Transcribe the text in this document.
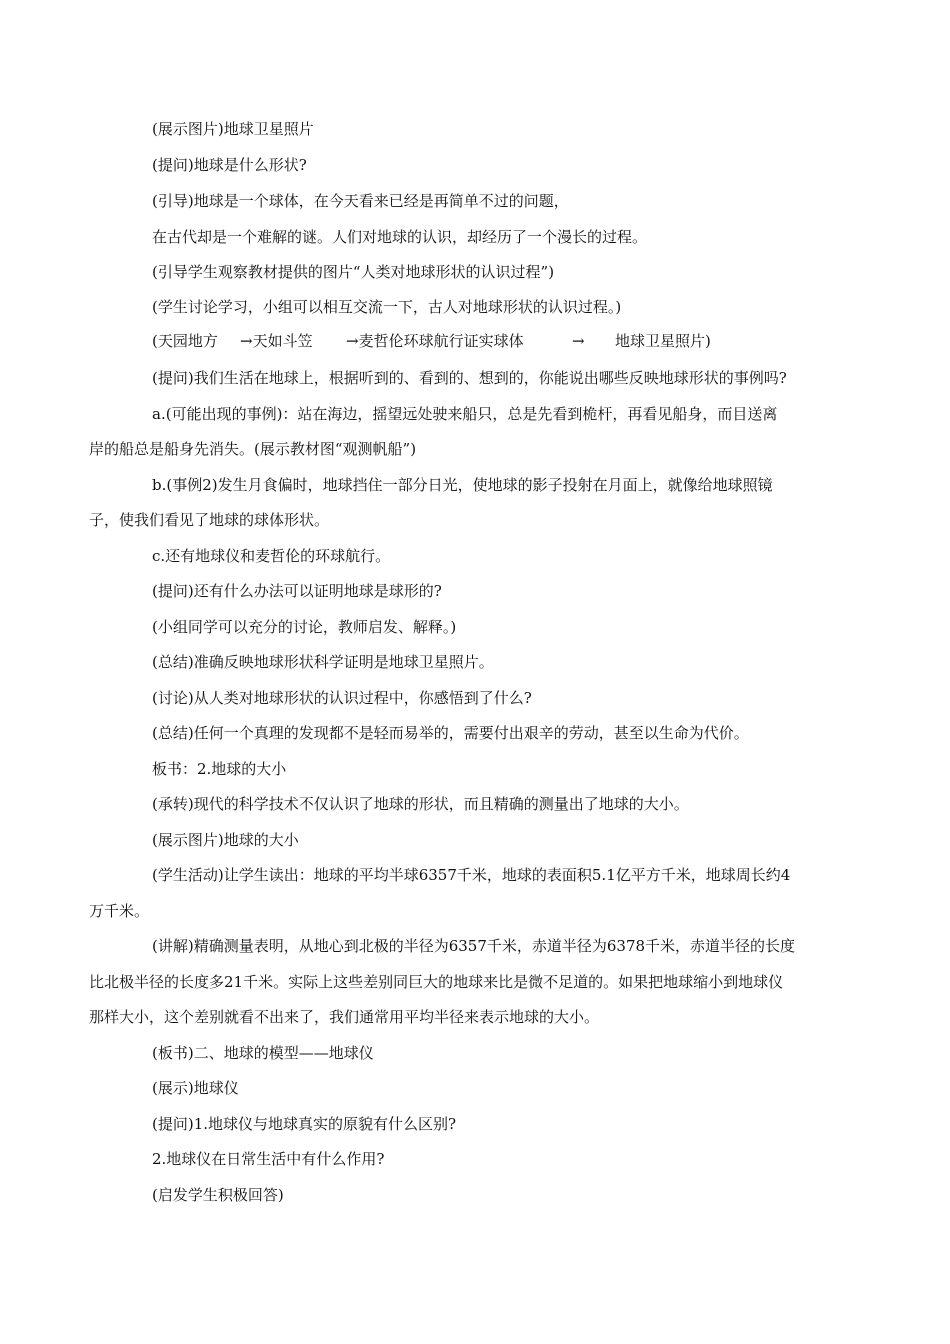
(展示图片)地球卫星照片
(提问)地球是什么形状?
(引导)地球是一个球体，在今天看来已经是再简单不过的问题，
在古代却是一个难解的谜。人们对地球的认识，却经历了一个漫长的过程。
(引导学生观察教材提供的图片“人类对地球形状的认识过程”)
(学生讨论学习，小组可以相互交流一下，古人对地球形状的认识过程。)
(天园地方 →天如斗笠 →麦哲伦环球航行证实球体	→ 地球卫星照片)
(提问)我们生活在地球上，根据听到的、看到的、想到的，你能说出哪些反映地球形状的事例吗?
a.(可能出现的事例)：站在海边，摇望远处驶来船只，总是先看到桅杆，再看见船身，而目送离
岸的船总是船身先消失。(展示教材图“观测帆船”)
b.(事例2)发生月食偏时，地球挡住一部分日光，使地球的影子投射在月面上，就像给地球照镜
子，使我们看见了地球的球体形状。
c.还有地球仪和麦哲伦的环球航行。
(提问)还有什么办法可以证明地球是球形的?
(小组同学可以充分的讨论，教师启发、解释。)
(总结)准确反映地球形状科学证明是地球卫星照片。
(讨论)从人类对地球形状的认识过程中，你感悟到了什么?
(总结)任何一个真理的发现都不是轻而易举的，需要付出艰辛的劳动，甚至以生命为代价。
板书：2.地球的大小
(承转)现代的科学技术不仅认识了地球的形状，而且精确的测量出了地球的大小。
(展示图片)地球的大小
(学生活动)让学生读出：地球的平均半球6357千米，地球的表面积5.1亿平方千米，地球周长约4
万千米。
(讲解)精确测量表明，从地心到北极的半径为6357千米，赤道半径为6378千米，赤道半径的长度
比北极半径的长度多21千米。实际上这些差别同巨大的地球来比是微不足道的。如果把地球缩小到地球仪
那样大小，这个差别就看不出来了，我们通常用平均半径来表示地球的大小。
(板书)二、地球的模型——地球仪
(展示)地球仪
(提问)1.地球仪与地球真实的原貌有什么区别?
2.地球仪在日常生活中有什么作用?
(启发学生积极回答)
